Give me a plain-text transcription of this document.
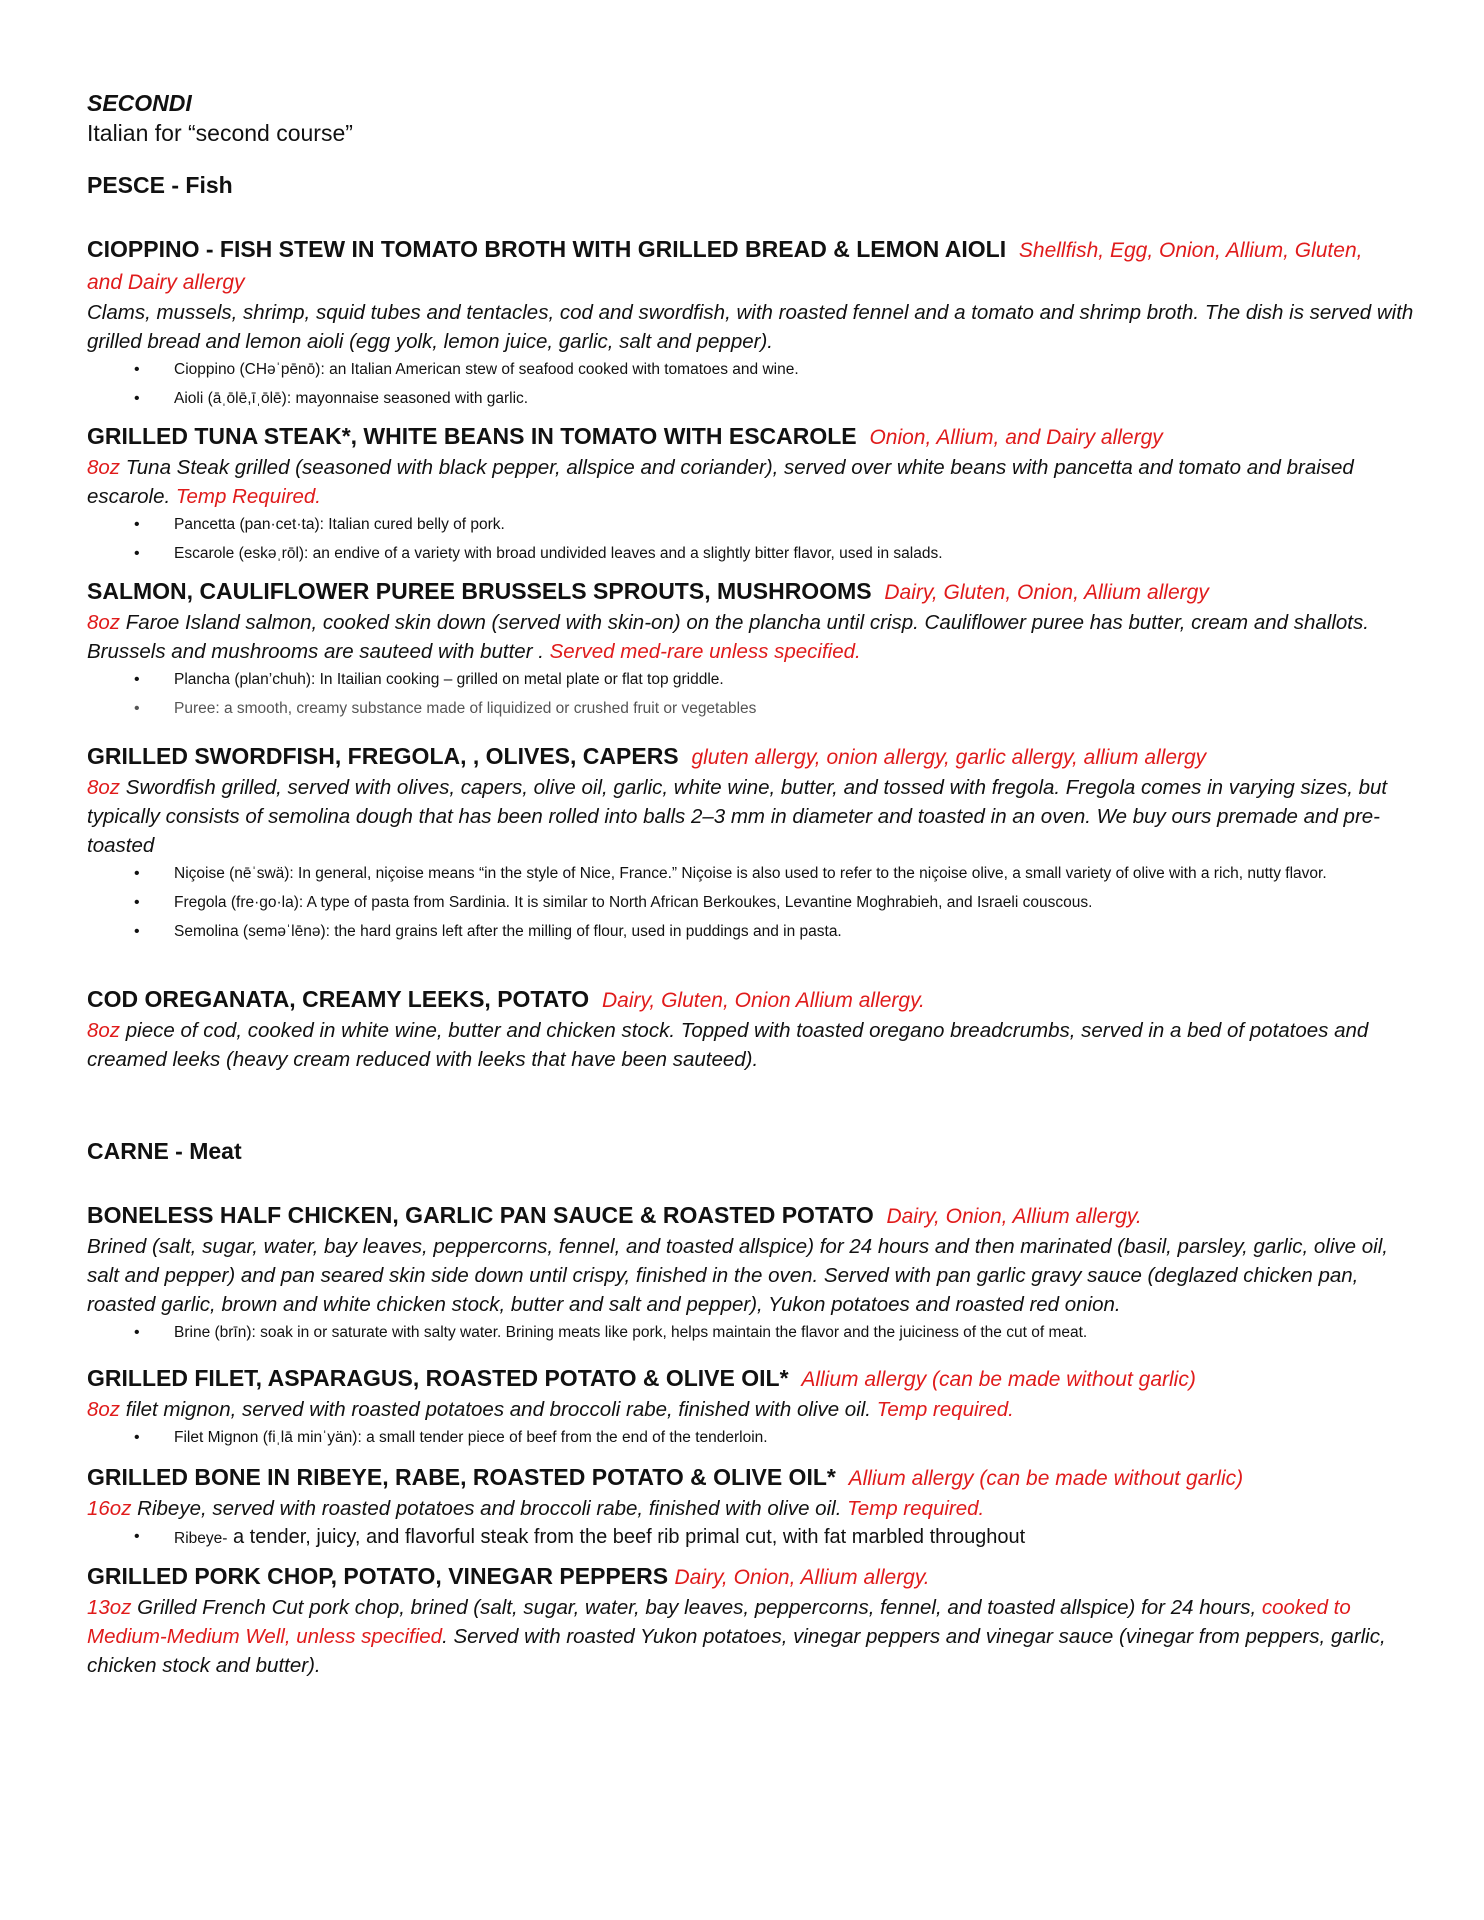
SECONDI

Italian for “second course”

PESCE - Fish

CIOPPINO - FISH STEW IN TOMATO BROTH WITH GRILLED BREAD & LEMON AIOLI Shellfish, Egg, Onion, Allium, Gluten,
and Dairy allergy

Clams, mussels, shrimp, squid tubes and tentacles, cod and swordfish, with roasted fennel and a tomato and shrimp broth. The dish is served with grilled bread and lemon aioli (egg yolk, lemon juice, garlic, salt and pepper).

• Cioppino (CHəˈpēnō): an Italian American stew of seafood cooked with tomatoes and wine.
• Aioli (āˌōlē,īˌōlē): mayonnaise seasoned with garlic.

GRILLED TUNA STEAK*, WHITE BEANS IN TOMATO WITH ESCAROLE Onion, Allium, and Dairy allergy

8oz Tuna Steak grilled (seasoned with black pepper, allspice and coriander), served over white beans with pancetta and tomato and braised escarole. Temp Required.

• Pancetta (pan·cet·ta): Italian cured belly of pork.
• Escarole (eskəˌrōl): an endive of a variety with broad undivided leaves and a slightly bitter flavor, used in salads.

SALMON, CAULIFLOWER PUREE BRUSSELS SPROUTS, MUSHROOMS Dairy, Gluten, Onion, Allium allergy

8oz Faroe Island salmon, cooked skin down (served with skin-on) on the plancha until crisp. Cauliflower puree has butter, cream and shallots. Brussels and mushrooms are sauteed with butter . Served med-rare unless specified.

• Plancha (plan’chuh): In Itailian cooking – grilled on metal plate or flat top griddle.
• Puree: a smooth, creamy substance made of liquidized or crushed fruit or vegetables

GRILLED SWORDFISH, FREGOLA, , OLIVES, CAPERS gluten allergy, onion allergy, garlic allergy, allium allergy

8oz Swordfish grilled, served with olives, capers, olive oil, garlic, white wine, butter, and tossed with fregola. Fregola comes in varying sizes, but typically consists of semolina dough that has been rolled into balls 2–3 mm in diameter and toasted in an oven. We buy ours premade and pre-toasted

• Niçoise (nēˈswä): In general, niçoise means “in the style of Nice, France.” Niçoise is also used to refer to the niçoise olive, a small variety of olive with a rich, nutty flavor.
• Fregola (fre·go·la): A type of pasta from Sardinia. It is similar to North African Berkoukes, Levantine Moghrabieh, and Israeli couscous.
• Semolina (seməˈlēnə): the hard grains left after the milling of flour, used in puddings and in pasta.

COD OREGANATA, CREAMY LEEKS, POTATO Dairy, Gluten, Onion Allium allergy.

8oz piece of cod, cooked in white wine, butter and chicken stock. Topped with toasted oregano breadcrumbs, served in a bed of potatoes and creamed leeks (heavy cream reduced with leeks that have been sauteed).

CARNE - Meat

BONELESS HALF CHICKEN, GARLIC PAN SAUCE & ROASTED POTATO Dairy, Onion, Allium allergy.

Brined (salt, sugar, water, bay leaves, peppercorns, fennel, and toasted allspice) for 24 hours and then marinated (basil, parsley, garlic, olive oil, salt and pepper) and pan seared skin side down until crispy, finished in the oven. Served with pan garlic gravy sauce (deglazed chicken pan, roasted garlic, brown and white chicken stock, butter and salt and pepper), Yukon potatoes and roasted red onion.

• Brine (brīn): soak in or saturate with salty water. Brining meats like pork, helps maintain the flavor and the juiciness of the cut of meat.

GRILLED FILET, ASPARAGUS, ROASTED POTATO & OLIVE OIL* Allium allergy (can be made without garlic)

8oz filet mignon, served with roasted potatoes and broccoli rabe, finished with olive oil. Temp required.

• Filet Mignon (fiˌlā minˈyän): a small tender piece of beef from the end of the tenderloin.

GRILLED BONE IN RIBEYE, RABE, ROASTED POTATO & OLIVE OIL* Allium allergy (can be made without garlic)

16oz Ribeye, served with roasted potatoes and broccoli rabe, finished with olive oil. Temp required.

• Ribeye- a tender, juicy, and flavorful steak from the beef rib primal cut, with fat marbled throughout

GRILLED PORK CHOP, POTATO, VINEGAR PEPPERS Dairy, Onion, Allium allergy.

13oz Grilled French Cut pork chop, brined (salt, sugar, water, bay leaves, peppercorns, fennel, and toasted allspice) for 24 hours, cooked to Medium-Medium Well, unless specified. Served with roasted Yukon potatoes, vinegar peppers and vinegar sauce (vinegar from peppers, garlic, chicken stock and butter).
